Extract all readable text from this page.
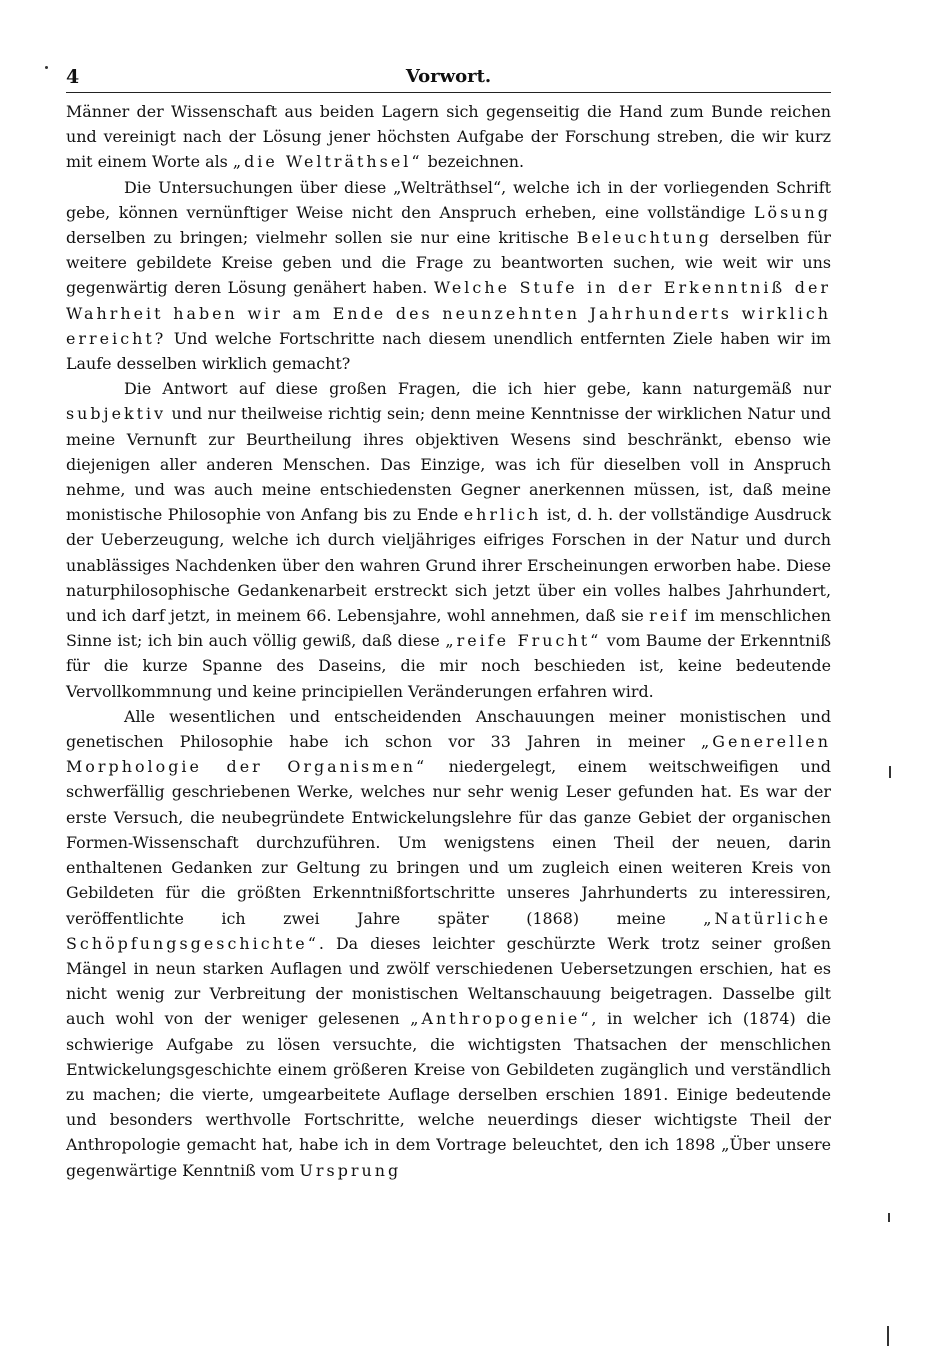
4	Vorwort.

Männer der Wissenschaft aus beiden Lagern sich gegenseitig die Hand zum Bunde reichen und vereinigt nach der Lösung jener höchsten Aufgabe der Forschung streben, die wir kurz mit einem Worte als „die Welträthsel“ bezeichnen.

Die Untersuchungen über diese „Welträthsel“, welche ich in der vorliegenden Schrift gebe, können vernünftiger Weise nicht den Anspruch erheben, eine vollständige Lösung derselben zu bringen; vielmehr sollen sie nur eine kritische Beleuchtung derselben für weitere gebildete Kreise geben und die Frage zu beantworten suchen, wie weit wir uns gegenwärtig deren Lösung genähert haben. Welche Stufe in der Erkenntniß der Wahrheit haben wir am Ende des neunzehnten Jahrhunderts wirklich erreicht? Und welche Fortschritte nach diesem unendlich entfernten Ziele haben wir im Laufe desselben wirklich gemacht?

Die Antwort auf diese großen Fragen, die ich hier gebe, kann naturgemäß nur subjektiv und nur theilweise richtig sein; denn meine Kenntnisse der wirklichen Natur und meine Vernunft zur Beurtheilung ihres objektiven Wesens sind beschränkt, ebenso wie diejenigen aller anderen Menschen. Das Einzige, was ich für dieselben voll in Anspruch nehme, und was auch meine entschiedensten Gegner anerkennen müssen, ist, daß meine monistische Philosophie von Anfang bis zu Ende ehrlich ist, d. h. der vollständige Ausdruck der Ueberzeugung, welche ich durch vieljähriges eifriges Forschen in der Natur und durch unablässiges Nachdenken über den wahren Grund ihrer Erscheinungen erworben habe. Diese naturphilosophische Gedankenarbeit erstreckt sich jetzt über ein volles halbes Jahrhundert, und ich darf jetzt, in meinem 66. Lebensjahre, wohl annehmen, daß sie reif im menschlichen Sinne ist; ich bin auch völlig gewiß, daß diese „reife Frucht“ vom Baume der Erkenntniß für die kurze Spanne des Daseins, die mir noch beschieden ist, keine bedeutende Vervollkommnung und keine principiellen Veränderungen erfahren wird.

Alle wesentlichen und entscheidenden Anschauungen meiner monistischen und genetischen Philosophie habe ich schon vor 33 Jahren in meiner „Generellen Morphologie der Organismen“ niedergelegt, einem weitschweifigen und schwerfällig geschriebenen Werke, welches nur sehr wenig Leser gefunden hat. Es war der erste Versuch, die neubegründete Entwickelungslehre für das ganze Gebiet der organischen Formen-Wissenschaft durchzuführen. Um wenigstens einen Theil der neuen, darin enthaltenen Gedanken zur Geltung zu bringen und um zugleich einen weiteren Kreis von Gebildeten für die größten Erkenntnißfortschritte unseres Jahrhunderts zu interessiren, veröffentlichte ich zwei Jahre später (1868) meine „Natürliche Schöpfungsgeschichte“. Da dieses leichter geschürzte Werk trotz seiner großen Mängel in neun starken Auflagen und zwölf verschiedenen Uebersetzungen erschien, hat es nicht wenig zur Verbreitung der monistischen Weltanschauung beigetragen. Dasselbe gilt auch wohl von der weniger gelesenen „Anthropogenie“, in welcher ich (1874) die schwierige Aufgabe zu lösen versuchte, die wichtigsten Thatsachen der menschlichen Entwickelungsgeschichte einem größeren Kreise von Gebildeten zugänglich und verständlich zu machen; die vierte, umgearbeitete Auflage derselben erschien 1891. Einige bedeutende und besonders werthvolle Fortschritte, welche neuerdings dieser wichtigste Theil der Anthropologie gemacht hat, habe ich in dem Vortrage beleuchtet, den ich 1898 „Über unsere gegenwärtige Kenntniß vom Ursprung
